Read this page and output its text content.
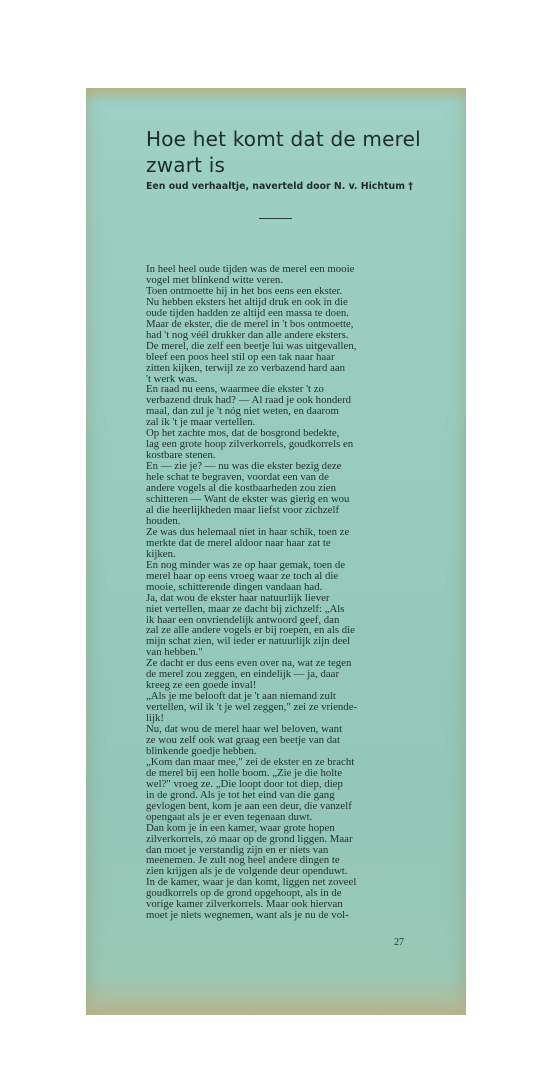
Hoe het komt dat de merel zwart is
Een oud verhaaltje, naverteld door N. v. Hichtum †
In heel heel oude tijden was de merel een mooie
vogel met blinkend witte veren.
Toen ontmoette hij in het bos eens een ekster.
Nu hebben eksters het altijd druk en ook in die
oude tijden hadden ze altijd een massa te doen.
Maar de ekster, die de merel in 't bos ontmoette,
had 't nog véél drukker dan alle andere eksters.
De merel, die zelf een beetje lui was uitgevallen,
bleef een poos heel stil op een tak naar haar
zitten kijken, terwijl ze zo verbazend hard aan
't werk was.
En raad nu eens, waarmee die ekster 't zo
verbazend druk had? — Al raad je ook honderd
maal, dan zul je 't nóg niet weten, en daarom
zal ik 't je maar vertellen.
Op het zachte mos, dat de bosgrond bedekte,
lag een grote hoop zilverkorrels, goudkorrels en
kostbare stenen.
En — zie je? — nu was die ekster bezig deze
hele schat te begraven, voordat een van de
andere vogels al die kostbaarheden zou zien
schitteren — Want de ekster was gierig en wou
al die heerlijkheden maar liefst voor zichzelf
houden.
Ze was dus helemaal niet in haar schik, toen ze
merkte dat de merel aldoor naar haar zat te
kijken.
En nog minder was ze op haar gemak, toen de
merel haar op eens vroeg waar ze toch al die
mooie, schitterende dingen vandaan had.
Ja, dat wou de ekster haar natuurlijk liever
niet vertellen, maar ze dacht bij zichzelf: „Als
ik haar een onvriendelijk antwoord geef, dan
zal ze alle andere vogels er bij roepen, en als die
mijn schat zien, wil ieder er natuurlijk zijn deel
van hebben."
Ze dacht er dus eens even over na, wat ze tegen
de merel zou zeggen, en eindelijk — ja, daar
kreeg ze een goede inval!
„Als je me belooft dat je 't aan niemand zult
vertellen, wil ik 't je wel zeggen," zei ze vriende-
lijk!
Nu, dat wou de merel haar wel beloven, want
ze wou zelf ook wat graag een beetje van dat
blinkende goedje hebben.
„Kom dan maar mee," zei de ekster en ze bracht
de merel bij een holle boom. „Zie je die holte
wel?" vroeg ze. „Die loopt door tot diep, diep
in de grond. Als je tot het eind van die gang
gevlogen bent, kom je aan een deur, die vanzelf
opengaat als je er even tegenaan duwt.
Dan kom je in een kamer, waar grote hopen
zilverkorrels, zó maar op de grond liggen. Maar
dan moet je verstandig zijn en er niets van
meenemen. Je zult nog heel andere dingen te
zien krijgen als je de volgende deur openduwt.
In de kamer, waar je dan komt, liggen net zoveel
goudkorrels op de grond opgehoopt, als in de
vorige kamer zilverkorrels. Maar ook hiervan
moet je niets wegnemen, want als je nu de vol-
27
